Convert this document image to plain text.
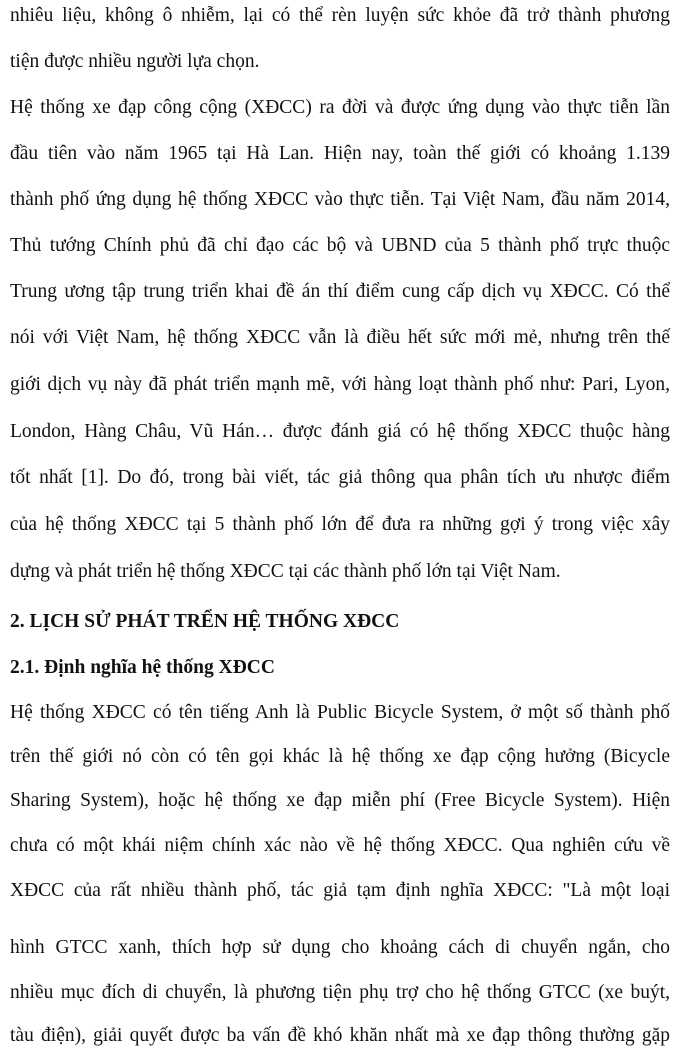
nhiêu liệu, không ô nhiễm, lại có thể rèn luyện sức khỏe đã trở thành phương
tiện được nhiều người lựa chọn.
Hệ thống xe đạp công cộng (XĐCC) ra đời và được ứng dụng vào thực tiễn lần
đầu tiên vào năm 1965 tại Hà Lan. Hiện nay, toàn thế giới có khoảng 1.139
thành phố ứng dụng hệ thống XĐCC vào thực tiễn. Tại Việt Nam, đầu năm 2014,
Thủ tướng Chính phủ đã chỉ đạo các bộ và UBND của 5 thành phố trực thuộc
Trung ương tập trung triển khai đề án thí điểm cung cấp dịch vụ XĐCC. Có thể
nói với Việt Nam, hệ thống XĐCC vẫn là điều hết sức mới mẻ, nhưng trên thế
giới dịch vụ này đã phát triển mạnh mẽ, với hàng loạt thành phố như: Pari, Lyon,
London, Hàng Châu, Vũ Hán… được đánh giá có hệ thống XĐCC thuộc hàng
tốt nhất [1]. Do đó, trong bài viết, tác giả thông qua phân tích ưu nhược điểm
của hệ thống XĐCC tại 5 thành phố lớn để đưa ra những gợi ý trong việc xây
dựng và phát triển hệ thống XĐCC tại các thành phố lớn tại Việt Nam.
2. LỊCH SỬ PHÁT TRỂN HỆ THỐNG XĐCC
2.1. Định nghĩa hệ thống XĐCC
Hệ thống XĐCC có tên tiếng Anh là Public Bicycle System, ở một số thành phố
trên thế giới nó còn có tên gọi khác là hệ thống xe đạp cộng hưởng (Bicycle
Sharing System), hoặc hệ thống xe đạp miễn phí (Free Bicycle System). Hiện
chưa có một khái niệm chính xác nào về hệ thống XĐCC. Qua nghiên cứu về
XĐCC của rất nhiều thành phố, tác giả tạm định nghĩa XĐCC: "Là một loại
hình GTCC xanh, thích hợp sử dụng cho khoảng cách di chuyển ngắn, cho
nhiều mục đích di chuyển, là phương tiện phụ trợ cho hệ thống GTCC (xe buýt,
tàu điện), giải quyết được ba vấn đề khó khăn nhất mà xe đạp thông thường gặp
